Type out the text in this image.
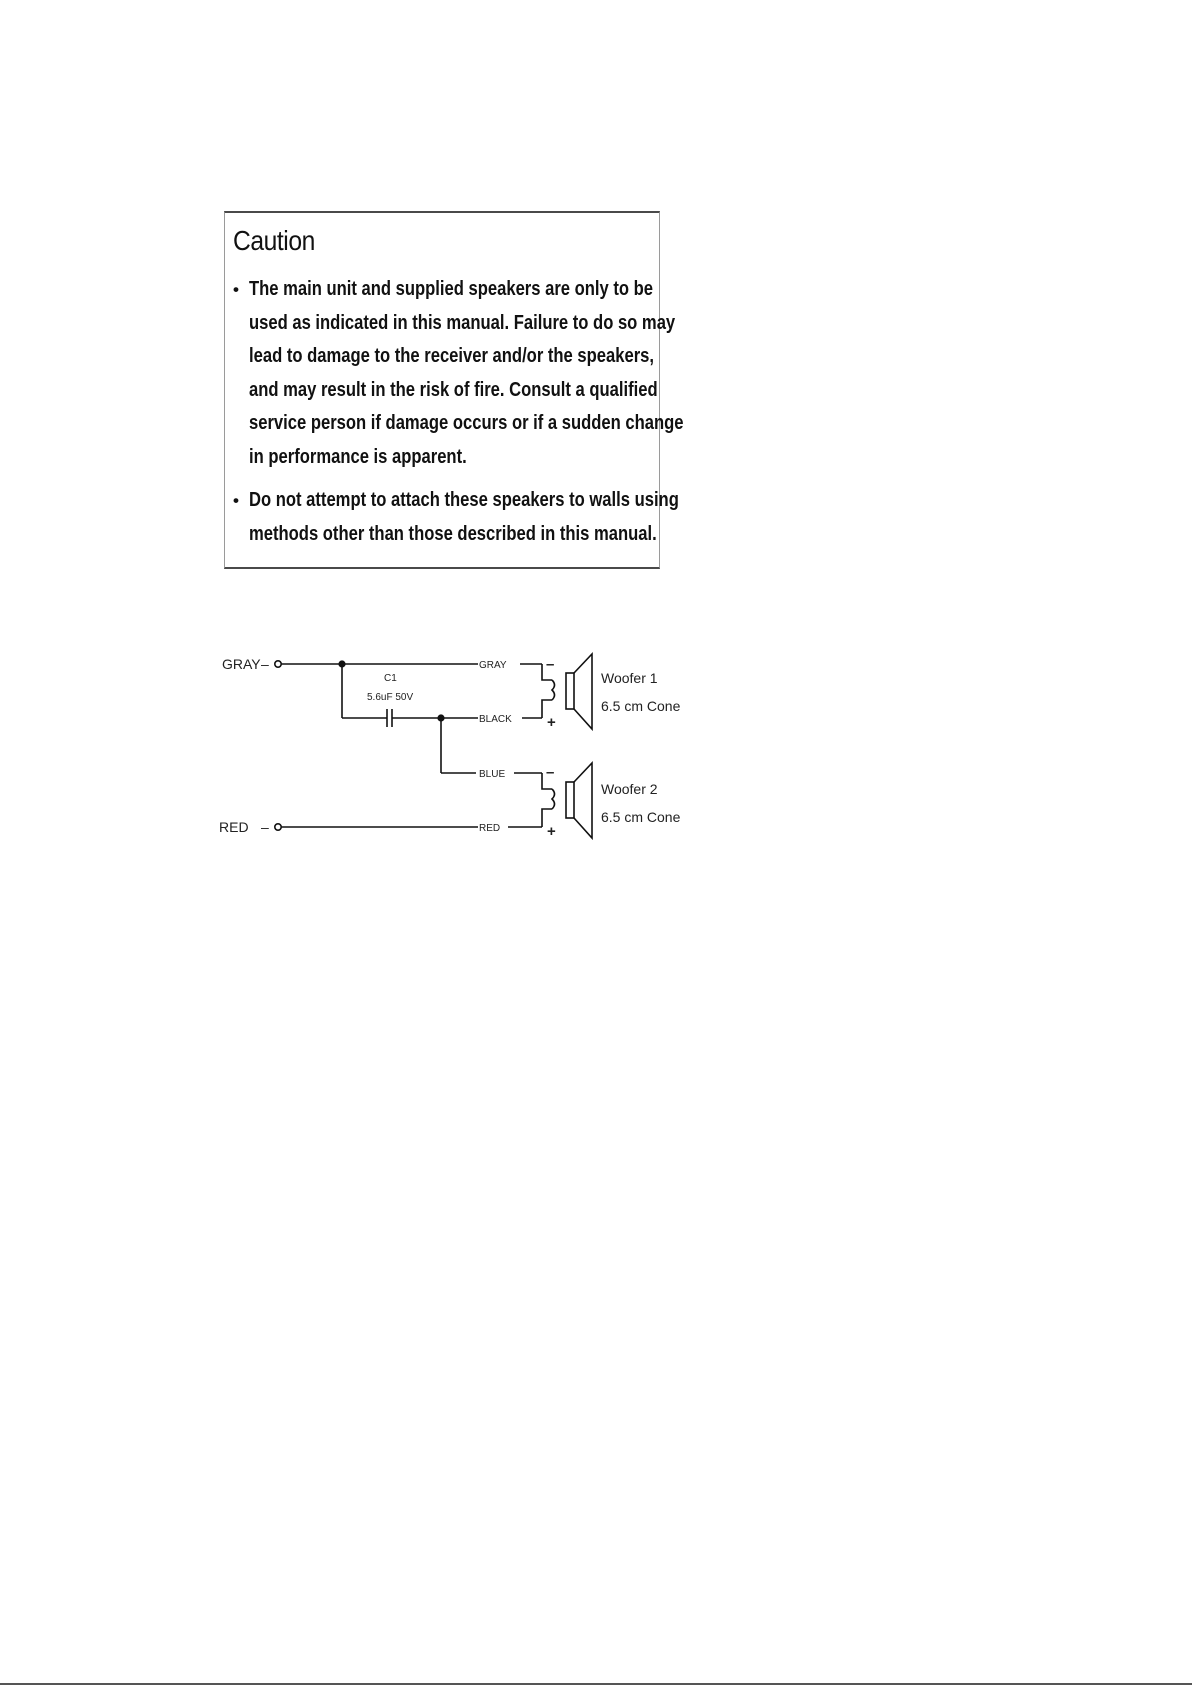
Caution
• The main unit and supplied speakers are only to be
used as indicated in this manual. Failure to do so may
lead to damage to the receiver and/or the speakers,
and may result in the risk of fire. Consult a qualified
service person if damage occurs or if a sudden change
in performance is apparent.
• Do not attempt to attach these speakers to walls using
methods other than those described in this manual.
GRAY –
RED –
C1
5.6uF 50V
GRAY
BLACK
BLUE
RED
–
+
–
+
Woofer 1
6.5 cm Cone
Woofer 2
6.5 cm Cone
